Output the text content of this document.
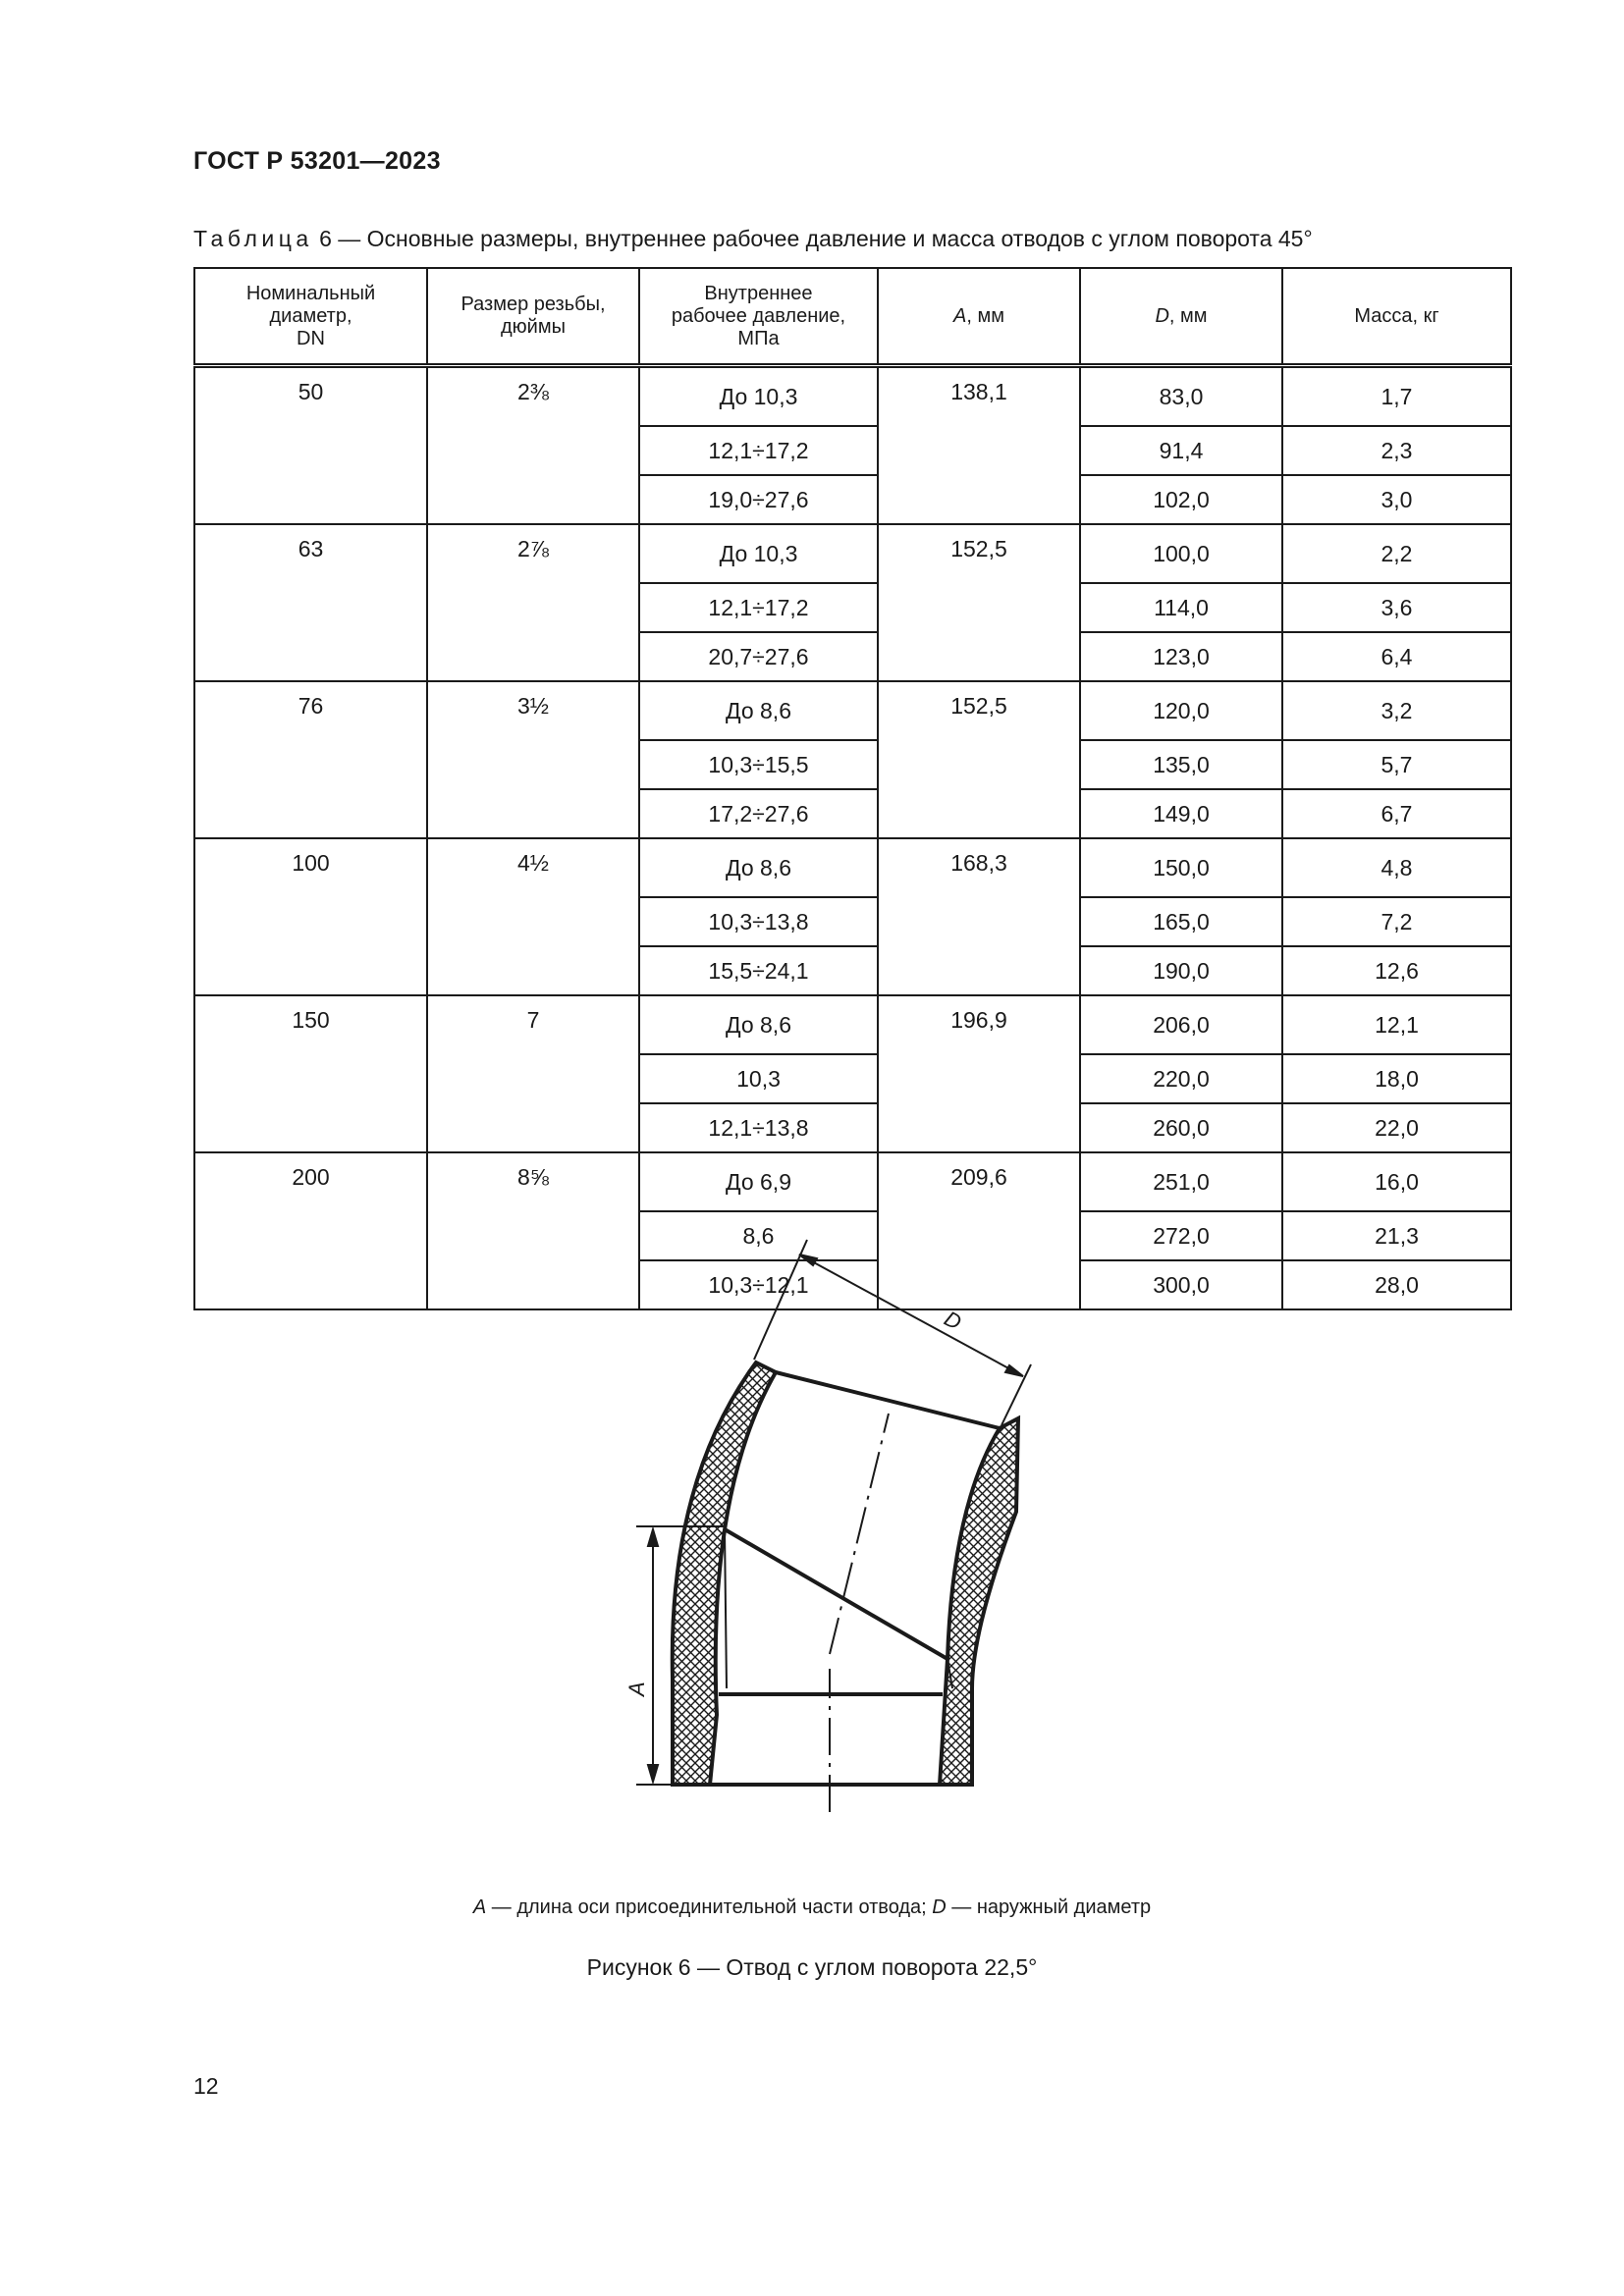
ГОСТ Р 53201—2023
Таблица 6 — Основные размеры, внутреннее рабочее давление и масса отводов с углом поворота 45°
Номинальный
диаметр,
DN	Размер резьбы,
дюймы	Внутреннее
рабочее давление,
МПа	A, мм	D, мм	Масса, кг
50	2⅜	До 10,3	138,1	83,0	1,7
		12,1÷17,2		91,4	2,3
		19,0÷27,6		102,0	3,0
63	2⅞	До 10,3	152,5	100,0	2,2
		12,1÷17,2		114,0	3,6
		20,7÷27,6		123,0	6,4
76	3½	До 8,6	152,5	120,0	3,2
		10,3÷15,5		135,0	5,7
		17,2÷27,6		149,0	6,7
100	4½	До 8,6	168,3	150,0	4,8
		10,3÷13,8		165,0	7,2
		15,5÷24,1		190,0	12,6
150	7	До 8,6	196,9	206,0	12,1
		10,3		220,0	18,0
		12,1÷13,8		260,0	22,0
200	8⅝	До 6,9	209,6	251,0	16,0
		8,6		272,0	21,3
		10,3÷12,1		300,0	28,0
D
A
A — длина оси присоединительной части отвода; D — наружный диаметр
Рисунок 6 — Отвод с углом поворота 22,5°
12
